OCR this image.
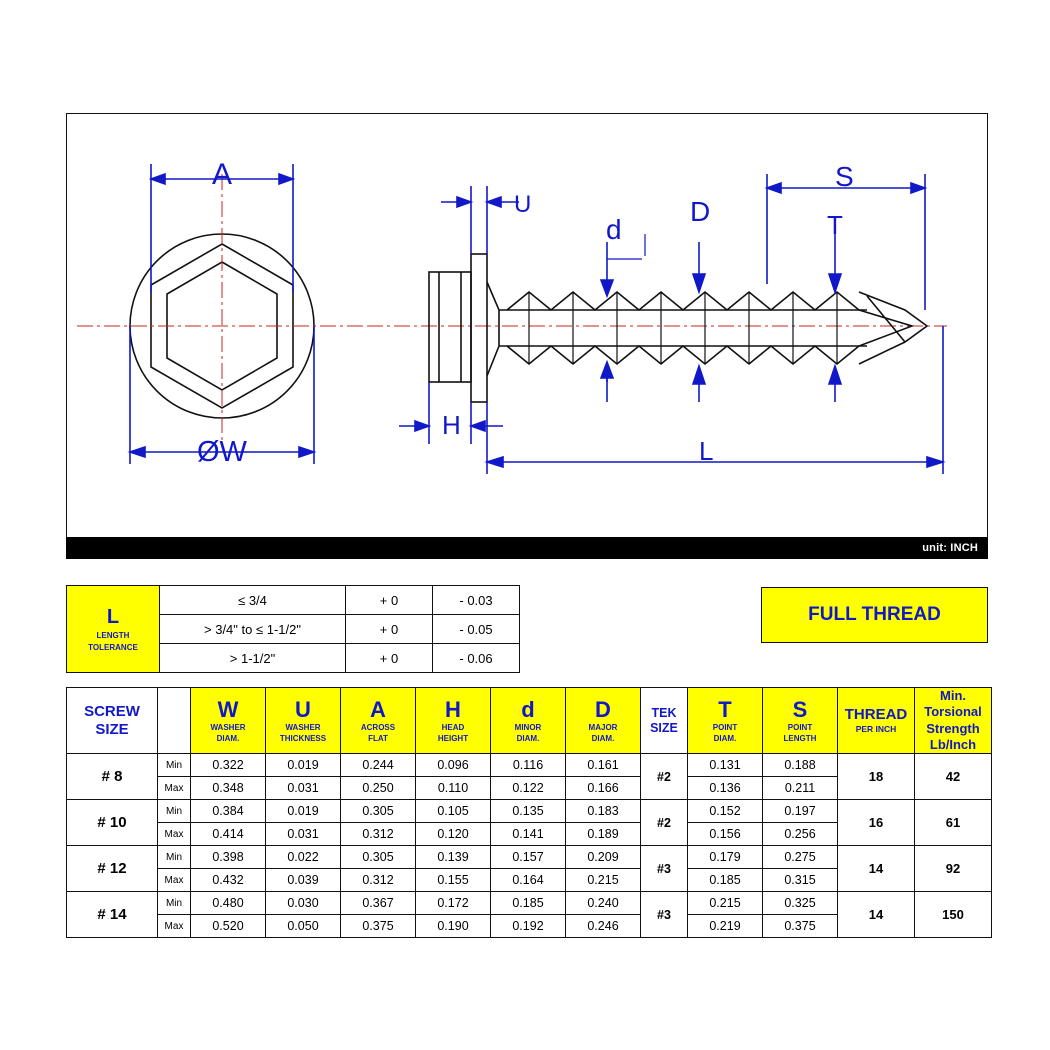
A
U
d
D
S
T
ØW
H
L
unit: INCH
L
LENGTH
TOLERANCE	≤ 3/4	+ 0	- 0.03
	> 3/4" to ≤ 1-1/2"	+ 0	- 0.05
	> 1-1/2"	+ 0	- 0.06
FULL THREAD
SCREW
SIZE		W
WASHER
DIAM.	U
WASHER
THICKNESS	A
ACROSS
FLAT	H
HEAD
HEIGHT	d
MINOR
DIAM.	D
MAJOR
DIAM.	TEK
SIZE	T
POINT
DIAM.	S
POINT
LENGTH	THREAD
PER INCH	Min.
Torsional
Strength
Lb/Inch

# 8	Min	0.322	0.019	0.244	0.096	0.116	0.161	#2	0.131	0.188	18	42
	Max	0.348	0.031	0.250	0.110	0.122	0.166		0.136	0.211		
# 10	Min	0.384	0.019	0.305	0.105	0.135	0.183	#2	0.152	0.197	16	61
	Max	0.414	0.031	0.312	0.120	0.141	0.189		0.156	0.256		
# 12	Min	0.398	0.022	0.305	0.139	0.157	0.209	#3	0.179	0.275	14	92
	Max	0.432	0.039	0.312	0.155	0.164	0.215		0.185	0.315		
# 14	Min	0.480	0.030	0.367	0.172	0.185	0.240	#3	0.215	0.325	14	150
	Max	0.520	0.050	0.375	0.190	0.192	0.246		0.219	0.375		
